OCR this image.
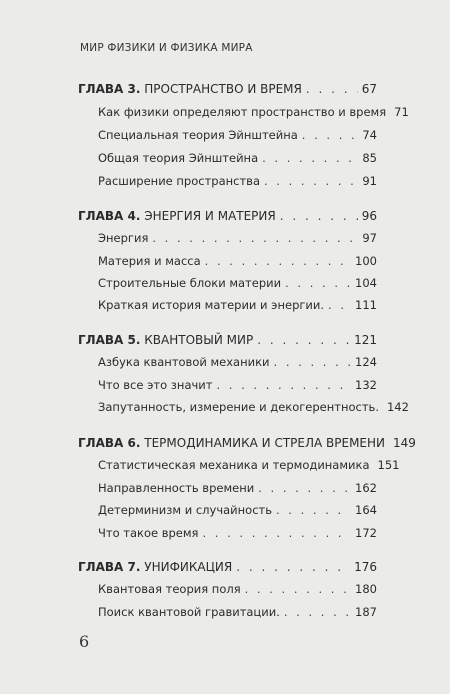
МИР ФИЗИКИ И ФИЗИКА МИРА
ГЛАВА 3. ПРОСТРАНСТВО И ВРЕМЯ . . .	67
Как физики определяют пространство и время 71
Специальная теория Эйнштейна . . .	74
Общая теория Эйнштейна . . .	85
Расширение пространства . . .	91
ГЛАВА 4. ЭНЕРГИЯ И МАТЕРИЯ . . .	96
Энергия . . .	97
Материя и масса . . .	100
Строительные блоки материи . . .	104
Краткая история материи и энергии. . . .	111
ГЛАВА 5. КВАНТОВЫЙ МИР . . .	121
Азбука квантовой механики . . .	124
Что все это значит . . .	132
Запутанность, измерение и декогерентность. 142
ГЛАВА 6. ТЕРМОДИНАМИКА И СТРЕЛА ВРЕМЕНИ 149
Статистическая механика и термодинамика 151
Направленность времени . . .	162
Детерминизм и случайность . . .	164
Что такое время . . .	172
ГЛАВА 7. УНИФИКАЦИЯ . . .	176
Квантовая теория поля . . .	180
Поиск квантовой гравитации. . . .	187
6
